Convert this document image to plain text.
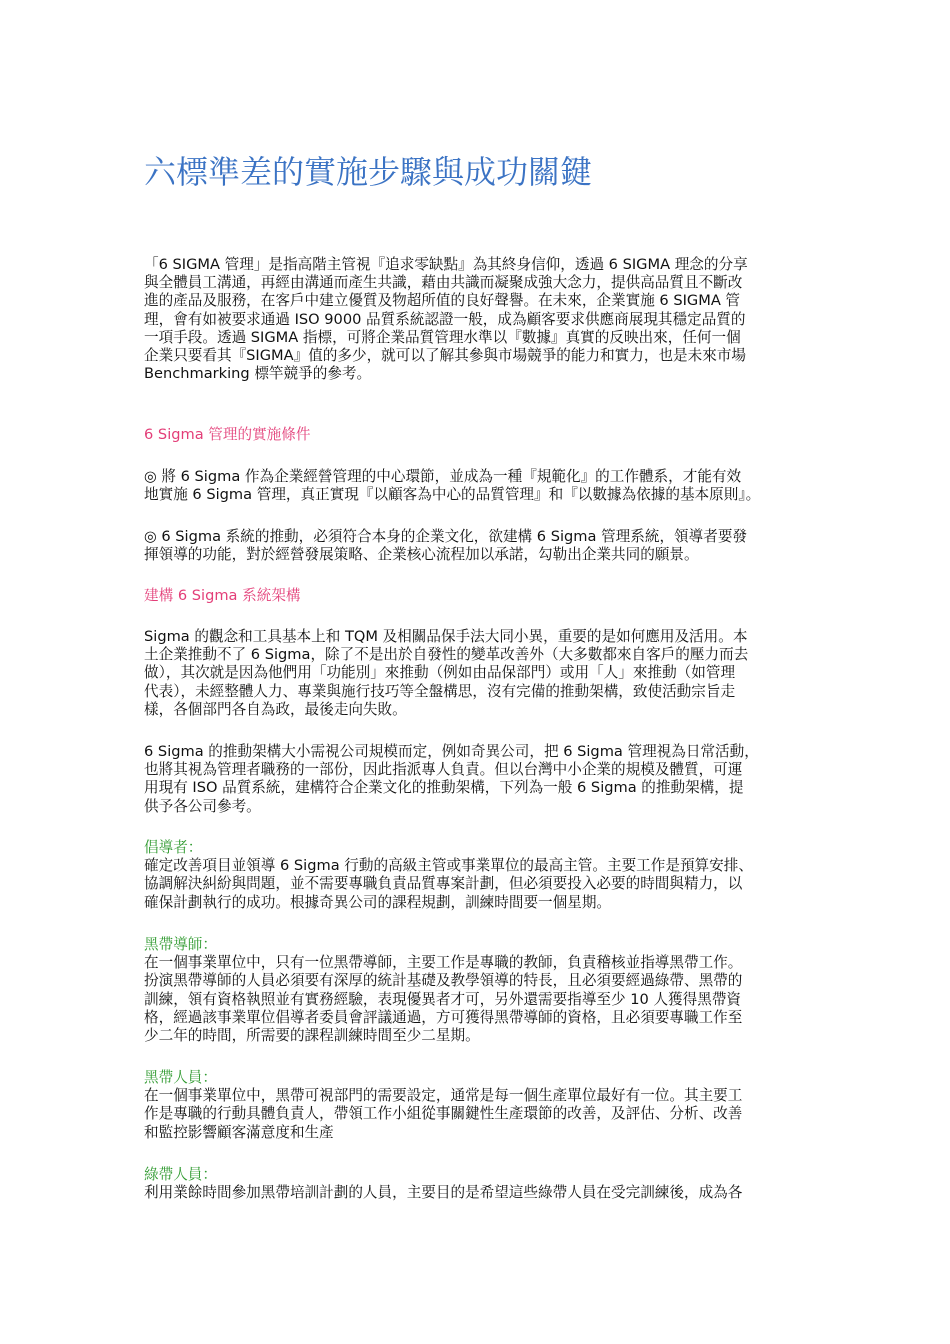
六標準差的實施步驟與成功關鍵
「6 SIGMA 管理」是指高階主管視『追求零缺點』為其終身信仰，透過 6 SIGMA 理念的分享
與全體員工溝通，再經由溝通而產生共識，藉由共識而凝聚成強大念力，提供高品質且不斷改
進的產品及服務，在客戶中建立優質及物超所值的良好聲譽。在未來，企業實施 6 SIGMA 管
理，會有如被要求通過 ISO 9000 品質系統認證一般，成為顧客要求供應商展現其穩定品質的
一項手段。透過 SIGMA 指標，可將企業品質管理水準以『數據』真實的反映出來，任何一個
企業只要看其『SIGMA』值的多少，就可以了解其參與市場競爭的能力和實力，也是未來市場
Benchmarking 標竿競爭的參考。
6 Sigma 管理的實施條件
◎ 將 6 Sigma 作為企業經營管理的中心環節，並成為一種『規範化』的工作體系，才能有效
地實施 6 Sigma 管理，真正實現『以顧客為中心的品質管理』和『以數據為依據的基本原則』。
◎ 6 Sigma 系統的推動，必須符合本身的企業文化，欲建構 6 Sigma 管理系統，領導者要發
揮領導的功能，對於經營發展策略、企業核心流程加以承諾，勾勒出企業共同的願景。
建構 6 Sigma 系統架構
Sigma 的觀念和工具基本上和 TQM 及相關品保手法大同小異，重要的是如何應用及活用。本
土企業推動不了 6 Sigma，除了不是出於自發性的變革改善外（大多數都來自客戶的壓力而去
做），其次就是因為他們用「功能別」來推動（例如由品保部門）或用「人」來推動（如管理
代表），未經整體人力、專業與施行技巧等全盤構思，沒有完備的推動架構，致使活動宗旨走
樣，各個部門各自為政，最後走向失敗。
6 Sigma 的推動架構大小需視公司規模而定，例如奇異公司，把 6 Sigma 管理視為日常活動，
也將其視為管理者職務的一部份，因此指派專人負責。但以台灣中小企業的規模及體質，可運
用現有 ISO 品質系統，建構符合企業文化的推動架構，下列為一般 6 Sigma 的推動架構，提
供予各公司參考。
倡導者：
確定改善項目並領導 6 Sigma 行動的高級主管或事業單位的最高主管。主要工作是預算安排、
協調解決糾紛與問題，並不需要專職負責品質專案計劃，但必須要投入必要的時間與精力，以
確保計劃執行的成功。根據奇異公司的課程規劃，訓練時間要一個星期。
黑帶導師：
在一個事業單位中，只有一位黑帶導師，主要工作是專職的教師，負責稽核並指導黑帶工作。
扮演黑帶導師的人員必須要有深厚的統計基礎及教學領導的特長，且必須要經過綠帶、黑帶的
訓練，領有資格執照並有實務經驗，表現優異者才可，另外還需要指導至少 10 人獲得黑帶資
格，經過該事業單位倡導者委員會評議通過，方可獲得黑帶導師的資格，且必須要專職工作至
少二年的時間，所需要的課程訓練時間至少二星期。
黑帶人員：
在一個事業單位中，黑帶可視部門的需要設定，通常是每一個生產單位最好有一位。其主要工
作是專職的行動具體負責人，帶領工作小組從事關鍵性生產環節的改善，及評估、分析、改善
和監控影響顧客滿意度和生產
綠帶人員：
利用業餘時間參加黑帶培訓計劃的人員，主要目的是希望這些綠帶人員在受完訓練後，成為各
